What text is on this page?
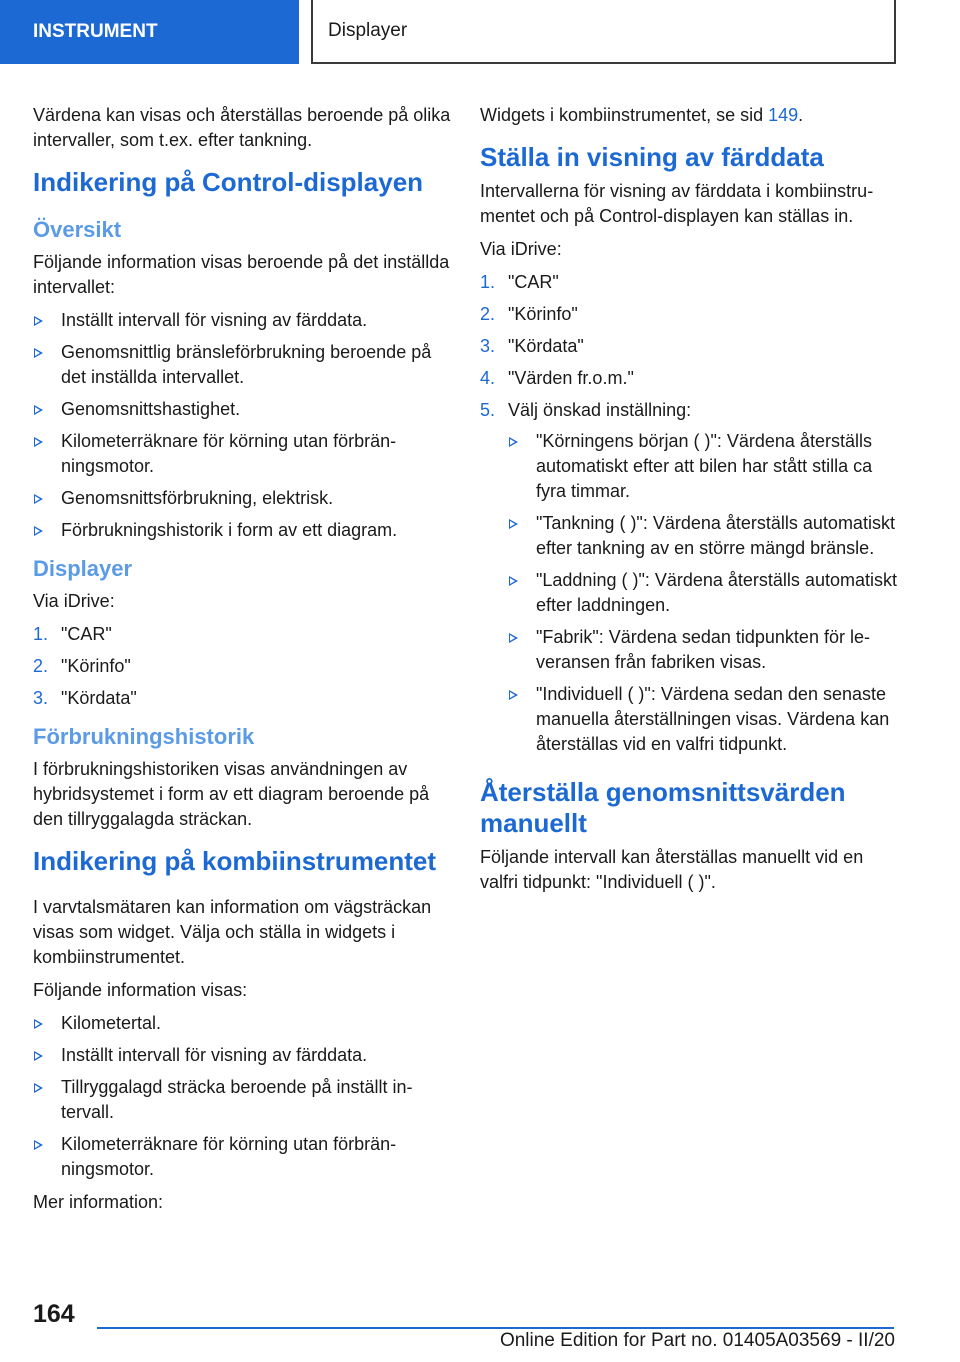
INSTRUMENT	Displayer

Värdena kan visas och återställas beroende på olika intervaller, som t.ex. efter tankning.

Indikering på Control-displayen
Översikt

Följande information visas beroende på det inställda intervallet:

Inställt intervall för visning av färddata.
Genomsnittlig bränsleförbrukning beroende på det inställda intervallet.
Genomsnittshastighet.
Kilometerräknare för körning utan förbränningsmotor.
Genomsnittsförbrukning, elektrisk.
Förbrukningshistorik i form av ett diagram.
Displayer

Via iDrive:

1. "CAR"
2. "Körinfo"
3. "Kördata"
Förbrukningshistorik

I förbrukningshistoriken visas användningen av hybridsystemet i form av ett diagram beroende på den tillryggalagda sträckan.

Indikering på kombiinstrumentet

I varvtalsmätaren kan information om vägsträckan visas som widget. Välja och ställa in widgets i kombiinstrumentet.

Följande information visas:

Kilometertal.
Inställt intervall för visning av färddata.
Tillryggalagd sträcka beroende på inställt intervall.
Kilometerräknare för körning utan förbränningsmotor.

Mer information:

Widgets i kombiinstrumentet, se sid 149.

Ställa in visning av färddata

Intervallerna för visning av färddata i kombiinstrumentet och på Control-displayen kan ställas in.

Via iDrive:

1. "CAR"
2. "Körinfo"
3. "Kördata"
4. "Värden fr.o.m."
5. Välj önskad inställning:
"Körningens början ( )": Värdena återställs automatiskt efter att bilen har stått stilla ca fyra timmar.
"Tankning ( )": Värdena återställs automatiskt efter tankning av en större mängd bränsle.
"Laddning ( )": Värdena återställs automatiskt efter laddningen.
"Fabrik": Värdena sedan tidpunkten för leveransen från fabriken visas.
"Individuell ( )": Värdena sedan den senaste manuella återställningen visas. Värdena kan återställas vid en valfri tidpunkt.
Återställa genomsnittsvärden manuellt

Följande intervall kan återställas manuellt vid en valfri tidpunkt: "Individuell ( )".

164
Online Edition for Part no. 01405A03569 - II/20
